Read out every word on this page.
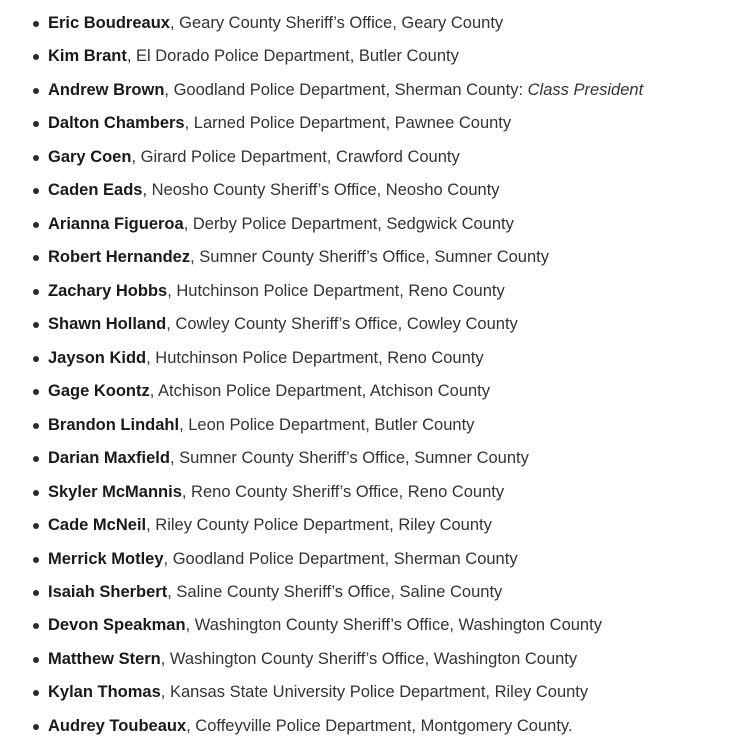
Eric Boudreaux, Geary County Sheriff’s Office, Geary County
Kim Brant, El Dorado Police Department, Butler County
Andrew Brown, Goodland Police Department, Sherman County: Class President
Dalton Chambers, Larned Police Department, Pawnee County
Gary Coen, Girard Police Department, Crawford County
Caden Eads, Neosho County Sheriff’s Office, Neosho County
Arianna Figueroa, Derby Police Department, Sedgwick County
Robert Hernandez, Sumner County Sheriff’s Office, Sumner County
Zachary Hobbs, Hutchinson Police Department, Reno County
Shawn Holland, Cowley County Sheriff’s Office, Cowley County
Jayson Kidd, Hutchinson Police Department, Reno County
Gage Koontz, Atchison Police Department, Atchison County
Brandon Lindahl, Leon Police Department, Butler County
Darian Maxfield, Sumner County Sheriff’s Office, Sumner County
Skyler McMannis, Reno County Sheriff’s Office, Reno County
Cade McNeil, Riley County Police Department, Riley County
Merrick Motley, Goodland Police Department, Sherman County
Isaiah Sherbert, Saline County Sheriff’s Office, Saline County
Devon Speakman, Washington County Sheriff’s Office, Washington County
Matthew Stern, Washington County Sheriff’s Office, Washington County
Kylan Thomas, Kansas State University Police Department, Riley County
Audrey Toubeaux, Coffeyville Police Department, Montgomery County.
